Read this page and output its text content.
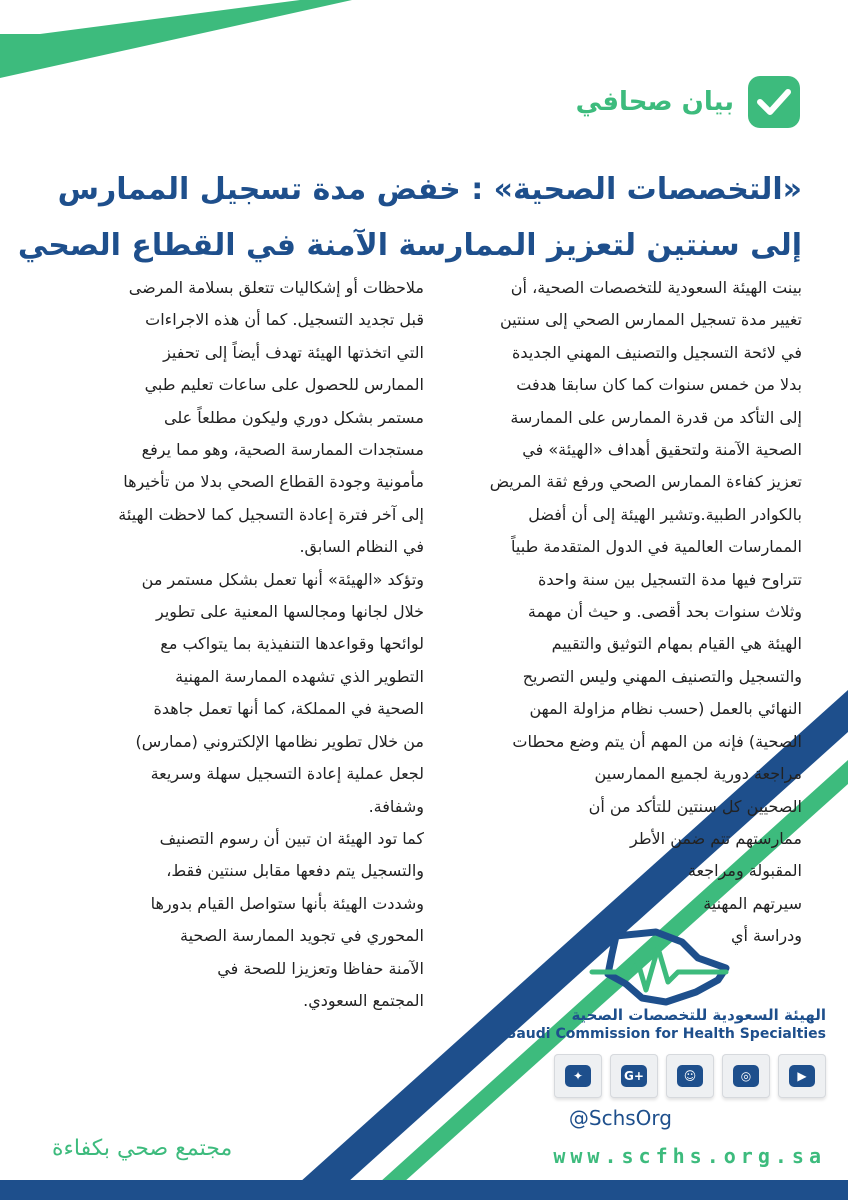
بيان صحافي
«التخصصات الصحية» : خفض مدة تسجيل الممارس
إلى سنتين لتعزيز الممارسة الآمنة في القطاع الصحي
بينت الهيئة السعودية للتخصصات الصحية، أن
تغيير مدة تسجيل الممارس الصحي إلى سنتين
في لائحة التسجيل والتصنيف المهني الجديدة
بدلا من خمس سنوات كما كان سابقا هدفت
إلى التأكد من قدرة الممارس على الممارسة
الصحية الآمنة ولتحقيق أهداف «الهيئة» في
تعزيز كفاءة الممارس الصحي ورفع ثقة المريض
بالكوادر الطبية.وتشير الهيئة إلى أن أفضل
الممارسات العالمية في الدول المتقدمة طبياً
تتراوح فيها مدة التسجيل بين سنة واحدة
وثلاث سنوات بحد أقصى. و حيث أن مهمة
الهيئة هي القيام بمهام التوثيق والتقييم
والتسجيل والتصنيف المهني وليس التصريح
النهائي بالعمل (حسب نظام مزاولة المهن
الصحية) فإنه من المهم أن يتم وضع محطات
مراجعة دورية لجميع الممارسين
الصحيين كل سنتين للتأكد من أن
ممارستهم تتم ضمن الأطر
المقبولة ومراجعة
سيرتهم المهنية
ودراسة أي
ملاحظات أو إشكاليات تتعلق بسلامة المرضى
قبل تجديد التسجيل. كما أن هذه الاجراءات
التي اتخذتها الهيئة تهدف أيضاً إلى تحفيز
الممارس للحصول على ساعات تعليم طبي
مستمر بشكل دوري وليكون مطلعاً على
مستجدات الممارسة الصحية، وهو مما يرفع
مأمونية وجودة القطاع الصحي بدلا من تأخيرها
إلى آخر فترة إعادة التسجيل كما لاحظت الهيئة
في النظام السابق.
وتؤكد «الهيئة» أنها تعمل بشكل مستمر من
خلال لجانها ومجالسها المعنية على تطوير
لوائحها وقواعدها التنفيذية بما يتواكب مع
التطوير الذي تشهده الممارسة المهنية
الصحية في المملكة، كما أنها تعمل جاهدة
من خلال تطوير نظامها الإلكتروني (ممارس)
لجعل عملية إعادة التسجيل سهلة وسريعة
وشفافة.
كما تود الهيئة ان تبين أن رسوم التصنيف
والتسجيل يتم دفعها مقابل سنتين فقط،
وشددت الهيئة بأنها ستواصل القيام بدورها
المحوري في تجويد الممارسة الصحية
الآمنة حفاظا وتعزيزا للصحة في
المجتمع السعودي.
الهيئة السعودية للتخصصات الصحية
Saudi Commission for Health Specialties
▶
◎
☺
G+
✦
@SchsOrg
www.scfhs.org.sa
مجتمع صحي بكفاءة
